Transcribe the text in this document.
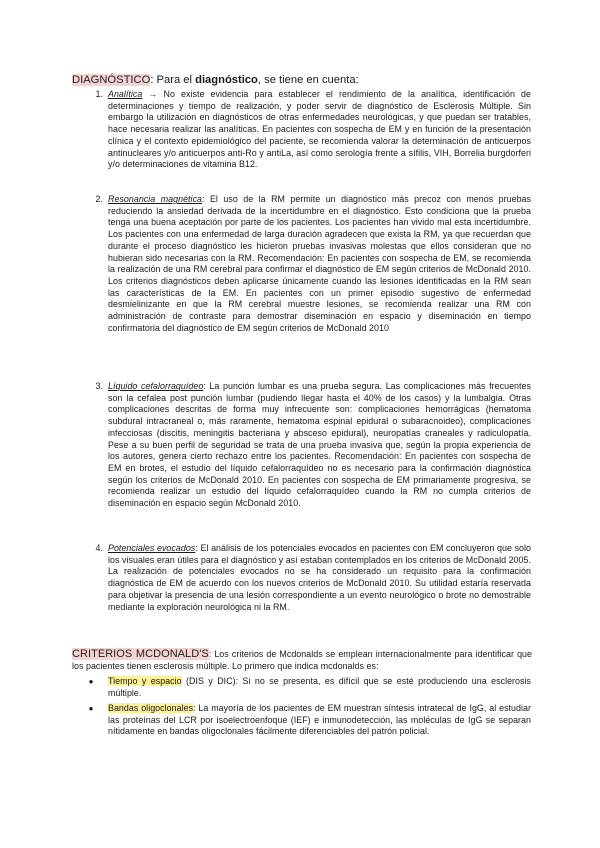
DIAGNÓSTICO: Para el diagnóstico, se tiene en cuenta:
1. Analítica → No existe evidencia para establecer el rendimiento de la analítica, identificación de determinaciones y tiempo de realización, y poder servir de diagnóstico de Esclerosis Múltiple. Sin embargo la utilización en diagnósticos de otras enfermedades neurológicas, y que puedan ser tratables, hace necesaria realizar las analíticas. En pacientes con sospecha de EM y en función de la presentación clínica y el contexto epidemiológico del paciente, se recomienda valorar la determinación de anticuerpos antinucleares y/o anticuerpos anti-Ro y antiLa, así como serología frente a sífilis, VIH, Borrelia burgdorferi y/o determinaciones de vitamina B12.
2. Resonancia magnética: El uso de la RM permite un diagnóstico más precoz con menos pruebas reduciendo la ansiedad derivada de la incertidumbre en el diagnóstico. Esto condiciona que la prueba tenga una buena aceptación por parte de los pacientes. Los pacientes han vivido mal esta incertidumbre. Los pacientes con una enfermedad de larga duración agradecen que exista la RM, ya que recuerdan que durante el proceso diagnóstico les hicieron pruebas invasivas molestas que ellos consideran que no hubieran sido necesarias con la RM. Recomendación: En pacientes con sospecha de EM, se recomienda la realización de una RM cerebral para confirmar el diagnóstico de EM según criterios de McDonald 2010. Los criterios diagnósticos deben aplicarse únicamente cuando las lesiones identificadas en la RM sean las características de la EM. En pacientes con un primer episodio sugestivo de enfermedad desmielinizante en que la RM cerebral muestre lesiones, se recomienda realizar una RM con administración de contraste para demostrar diseminación en espacio y diseminación en tiempo confirmatoria del diagnóstico de EM según criterios de McDonald 2010
3. Líquido cefalorraquídeo: La punción lumbar es una prueba segura. Las complicaciones más frecuentes son la cefalea post punción lumbar (pudiendo llegar hasta el 40% de los casos) y la lumbalgia. Otras complicaciones descritas de forma muy infrecuente son: complicaciones hemorrágicas (hematoma subdural intracraneal o, más raramente, hematoma espinal epidural o subaracnoideo), complicaciones infecciosas (discitis, meningitis bacteriana y absceso epidural), neuropatías craneales y radiculopatía. Pese a su buen perfil de seguridad se trata de una prueba invasiva que, según la propia experiencia de los autores, genera cierto rechazo entre los pacientes. Recomendación: En pacientes con sospecha de EM en brotes, el estudio del líquido cefalorraquídeo no es necesario para la confirmación diagnóstica según los criterios de McDonald 2010. En pacientes con sospecha de EM primariamente progresiva, se recomienda realizar un estudio del líquido cefalorraquídeo cuando la RM no cumpla criterios de diseminación en espacio según McDonald 2010.
4. Potenciales evocados: El análisis de los potenciales evocados en pacientes con EM concluyeron que solo los visuales eran útiles para el diagnóstico y así estaban contemplados en los criterios de McDonald 2005. La realización de potenciales evocados no se ha considerado un requisito para la confirmación diagnóstica de EM de acuerdo con los nuevos criterios de McDonald 2010. Su utilidad estaría reservada para objetivar la presencia de una lesión correspondiente a un evento neurológico o brote no demostrable mediante la exploración neurológica ni la RM.
CRITERIOS MCDONALD'S: Los criterios de Mcdonalds se emplean internacionalmente para identificar que los pacientes tienen esclerosis múltiple. Lo primero que indica mcdonalds es:
● Tiempo y espacio (DIS y DIC): Si no se presenta, es difícil que se esté produciendo una esclerosis múltiple.
● Bandas oligoclonales: La mayoría de los pacientes de EM muestran síntesis intratecal de IgG, al estudiar las proteínas del LCR por isoelectroenfoque (IEF) e inmunodetección, las moléculas de IgG se separan nítidamente en bandas oligoclonales fácilmente diferenciables del patrón policial.
